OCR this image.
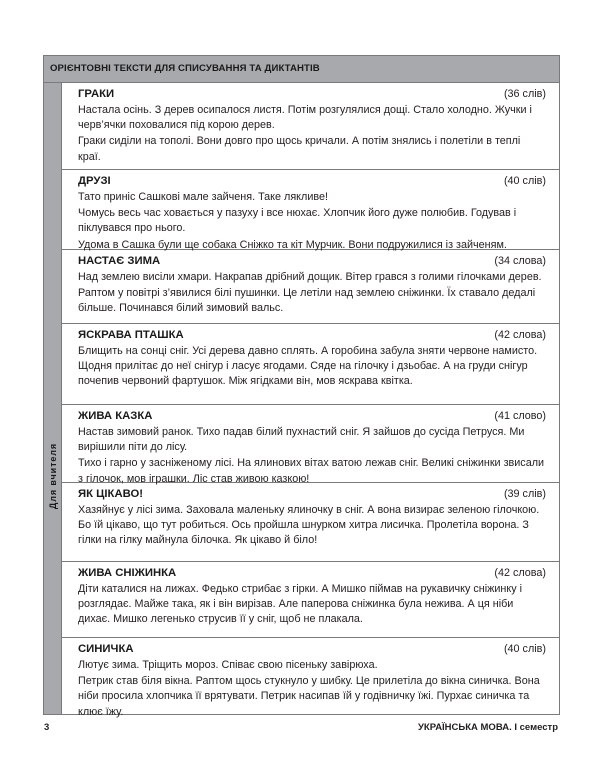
ОРІЄНТОВНІ ТЕКСТИ ДЛЯ СПИСУВАННЯ ТА ДИКТАНТІВ
Для вчителя
ГРАКИ	(36 слів)

Настала осінь. З дерев осипалося листя. Потім розгулялися дощі. Стало холодно. Жучки і черв’ячки поховалися під корою дерев.

Граки сиділи на тополі. Вони довго про щось кричали. А потім знялись і полетіли в теплі краї.

ДРУЗІ	(40 слів)

Тато приніс Сашкові мале зайченя. Таке лякливе!

Чомусь весь час ховається у пазуху і все нюхає. Хлопчик його дуже полюбив. Годував і піклувався про нього.

Удома в Сашка були ще собака Сніжко та кіт Мурчик. Вони подружилися із зайченям.

НАСТАЄ ЗИМА	(34 слова)

Над землею висіли хмари. Накрапав дрібний дощик. Вітер грався з голими гілочками дерев.

Раптом у повітрі з’явилися білі пушинки. Це летіли над землею сніжинки. Їх ставало дедалі більше. Починався білий зимовий вальс.

ЯСКРАВА ПТАШКА	(42 слова)

Блищить на сонці сніг. Усі дерева давно сплять. А горобина забула зняти червоне намисто. Щодня прилітає до неї снігур і ласує ягодами. Сяде на гілочку і дзьобає. А на груди снігур почепив червоний фартушок. Між ягідками він, мов яскрава квітка.

ЖИВА КАЗКА	(41 слово)

Настав зимовий ранок. Тихо падав білий пухнастий сніг. Я зайшов до сусіда Петруся. Ми вирішили піти до лісу.

Тихо і гарно у засніженому лісі. На ялинових вітах ватою лежав сніг. Великі сніжинки звисали з гілочок, мов іграшки. Ліс став живою казкою!

ЯК ЦІКАВО!	(39 слів)

Хазяйнує у лісі зима. Заховала маленьку ялиночку в сніг. А вона визирає зеленою гілочкою. Бо їй цікаво, що тут робиться. Ось пройшла шнурком хитра лисичка. Пролетіла ворона. З гілки на гілку майнула білочка. Як цікаво й біло!

ЖИВА СНІЖИНКА	(42 слова)

Діти каталися на лижах. Федько стрибає з гірки. А Мишко піймав на рукавичку сніжинку і розглядає. Майже така, як і він вирізав. Але паперова сніжинка була нежива. А ця ніби дихає. Мишко легенько струсив її у сніг, щоб не плакала.

СИНИЧКА	(40 слів)

Лютує зима. Тріщить мороз. Співає свою пісеньку завірюха.

Петрик став біля вікна. Раптом щось стукнуло у шибку. Це прилетіла до вікна синичка. Вона ніби просила хлопчика її врятувати. Петрик насипав їй у годівничку їжі. Пурхає синичка та клює їжу.

3	УКРАЇНСЬКА МОВА. І семестр
